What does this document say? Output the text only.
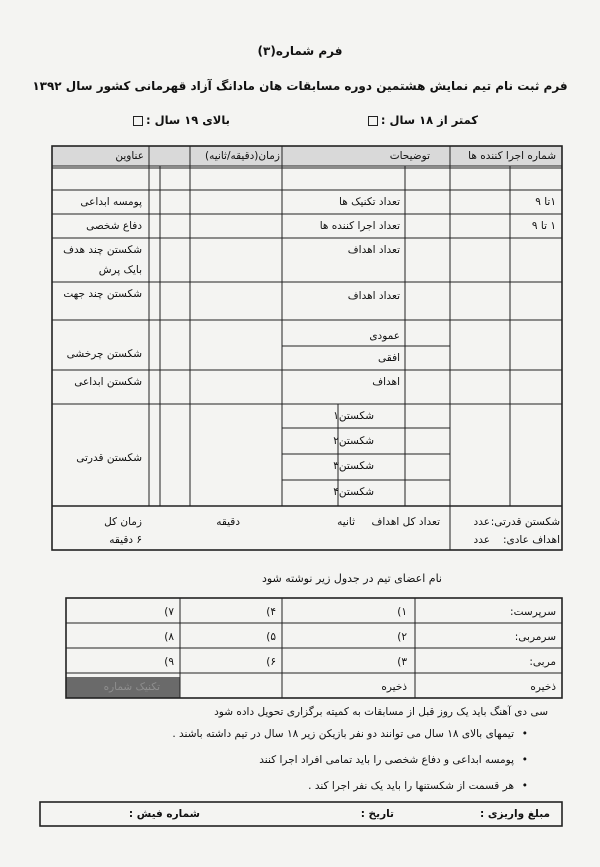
فرم شماره(۳)
فرم ثبت نام تیم نمایش هشتمین دوره مسابقات هان مادانگ آزاد قهرمانی کشور سال ۱۳۹۲
کمتر از ۱۸ سال :
بالای ۱۹ سال :
شماره اجرا کننده ها
توضیحات
زمان(دقیقه/ثانیه)
عناوین
۱تا ۹
۱ تا ۹
تعداد تکنیک ها
تعداد اجرا کننده ها
تعداد اهداف
تعداد اهداف
عمودی
افقی
اهداف
شکستن۱
شکستن۲
شکستن۳
شکستن۴
پومسه ابداعی
دفاع شخصی
شکستن چند هدف
بایک پرش
شکستن چند جهت
شکستن چرخشی
شکستن ابداعی
شکستن قدرتی
شکستن قدرتی:
عدد
اهداف عادی:
عدد
تعداد کل اهداف
ثانیه
دقیقه
زمان کل
۶ دقیقه
نام اعضای تیم در جدول زیر نوشته شود
سرپرست:
سرمربی:
مربی:
ذخیره
۱)
۲)
۳)
ذخیره
۴)
۵)
۶)
۷)
۸)
۹)
تکنیک شماره
سی دی آهنگ باید یک روز قبل از مسابقات به کمیته برگزاری تحویل داده شود
• تیمهای بالای ۱۸ سال می توانند دو نفر بازیکن زیر ۱۸ سال در تیم داشته باشند .
• پومسه ابداعی و دفاع شخصی را باید تمامی افراد اجرا کنند
• هر قسمت از شکستنها را باید یک نفر اجرا کند .
مبلغ واریزی :
تاریخ :
شماره فیش :
